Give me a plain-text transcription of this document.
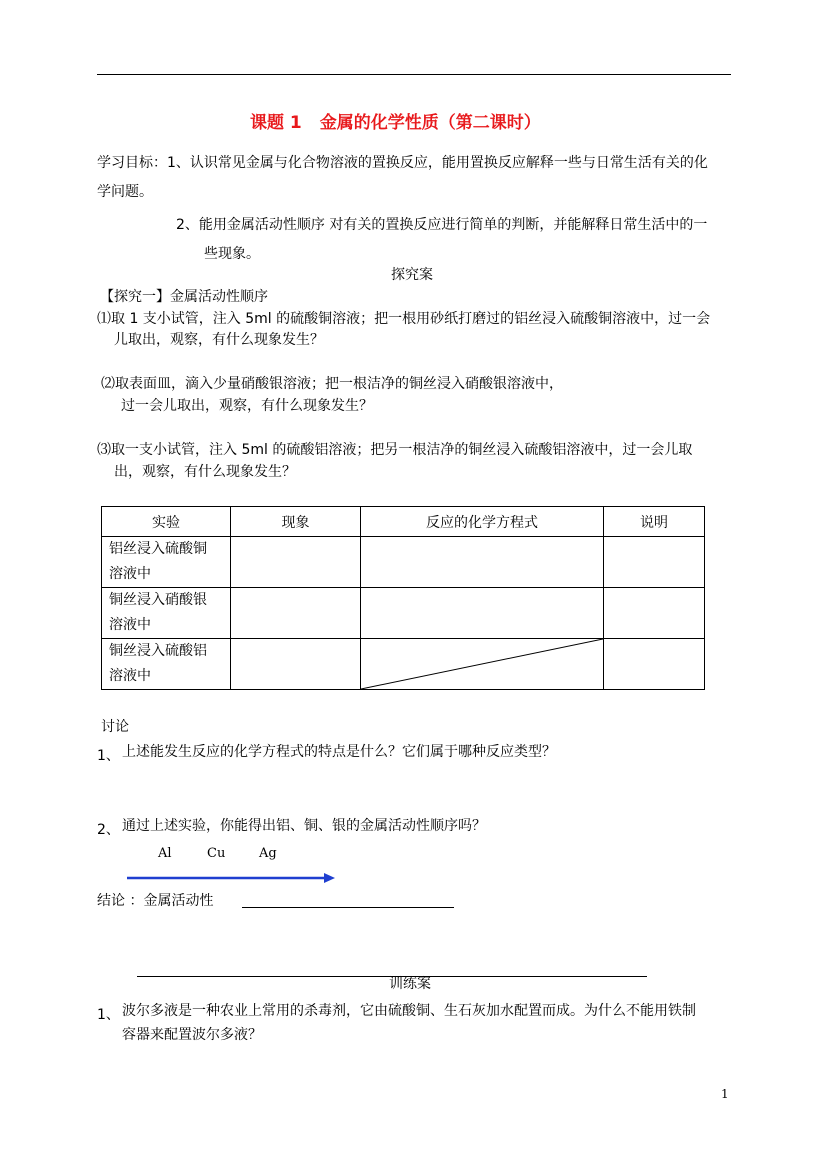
课题 1 金属的化学性质（第二课时）
学习目标：1、认识常见金属与化合物溶液的置换反应，能用置换反应解释一些与日常生活有关的化
学问题。
2、能用金属活动性顺序 对有关的置换反应进行简单的判断，并能解释日常生活中的一
些现象。
探究案
【探究一】金属活动性顺序
⑴取 1 支小试管，注入 5ml 的硫酸铜溶液；把一根用砂纸打磨过的铝丝浸入硫酸铜溶液中，过一会
儿取出，观察，有什么现象发生？
⑵取表面皿，滴入少量硝酸银溶液；把一根洁净的铜丝浸入硝酸银溶液中，
过一会儿取出，观察，有什么现象发生？
⑶取一支小试管，注入 5ml 的硫酸铝溶液；把另一根洁净的铜丝浸入硫酸铝溶液中，过一会儿取
出，观察，有什么现象发生？
实验	现象	反应的化学方程式	说明
铝丝浸入硫酸铜
溶液中			
铜丝浸入硝酸银
溶液中			
铜丝浸入硫酸铝
溶液中		

讨论
1、 上述能发生反应的化学方程式的特点是什么？它们属于哪种反应类型？
2、 通过上述实验，你能得出铝、铜、银的金属活动性顺序吗？
Al	Cu	Ag
结论 ：金属活动性
训练案
1、 波尔多液是一种农业上常用的杀毒剂，它由硫酸铜、生石灰加水配置而成。为什么不能用铁制
容器来配置波尔多液？
1
